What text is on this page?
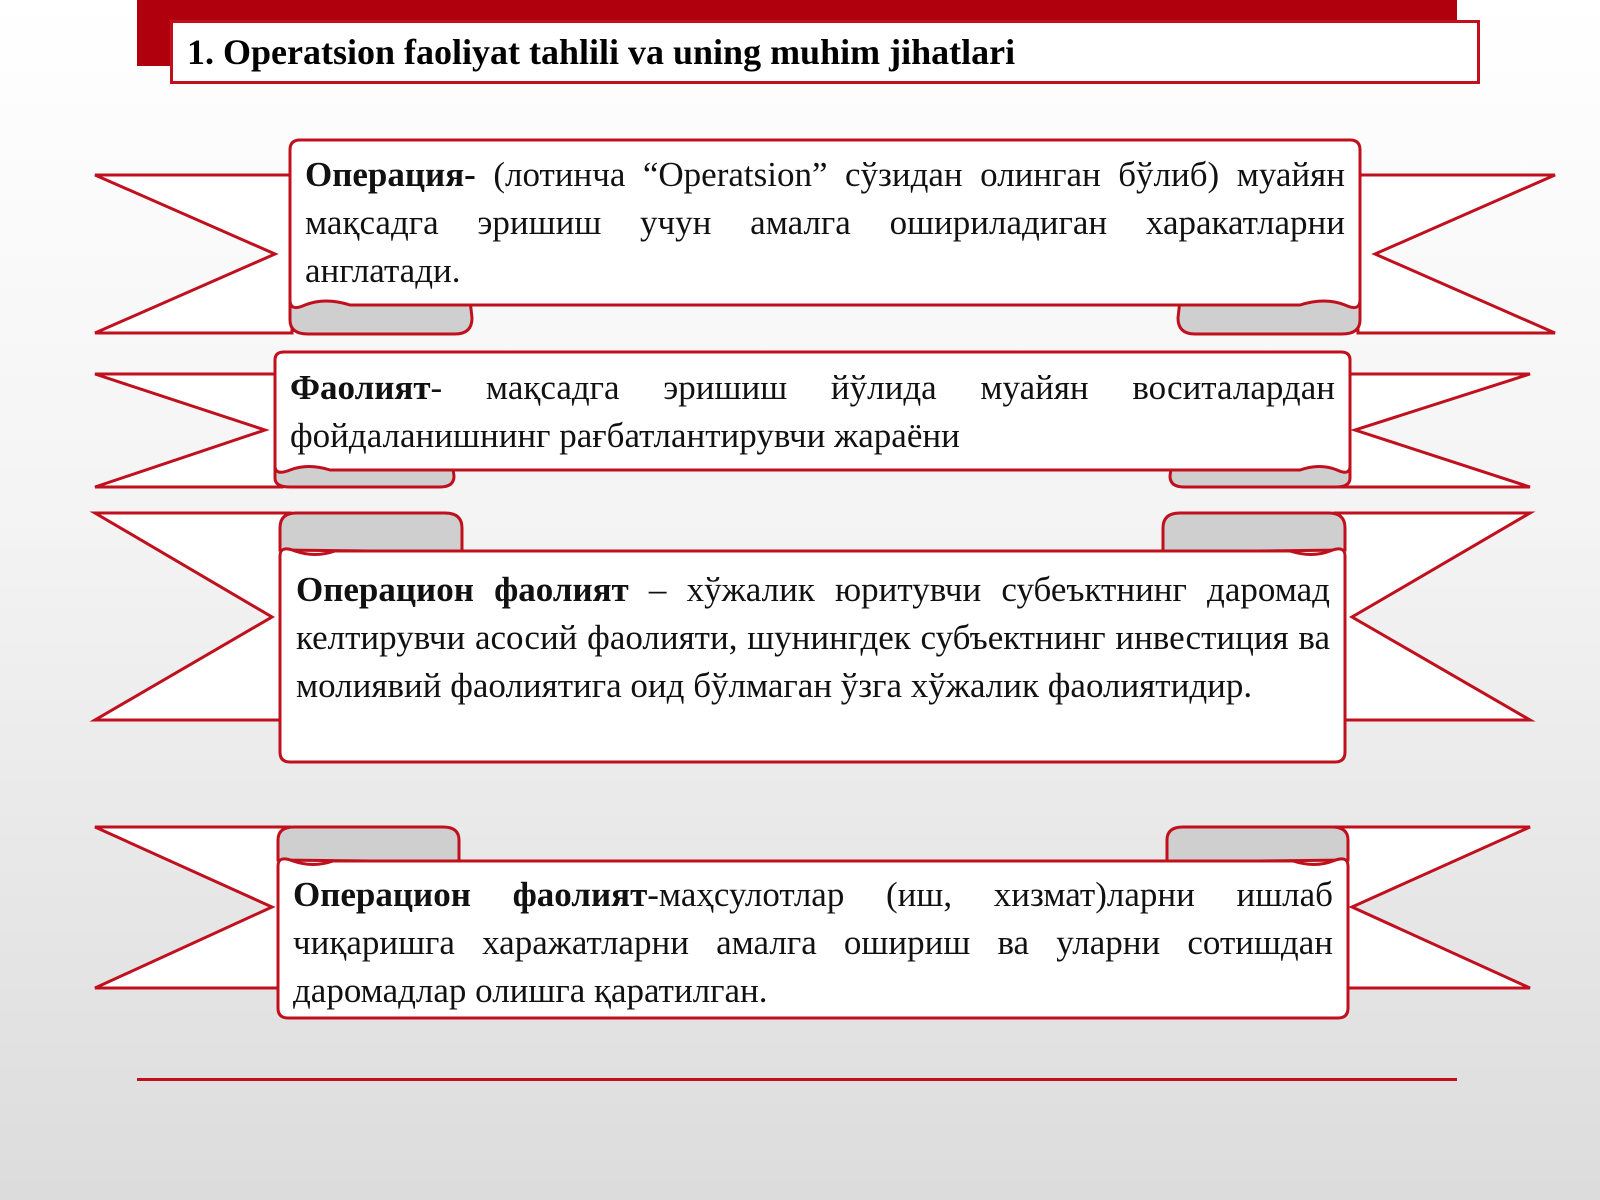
1. Operatsion faoliyat tahlili va uning muhim jihatlari
Операция- (лотинча “Operatsion” сўзидан олинган бўлиб) муайян мақсадга эришиш учун амалга ошириладиган харакатларни англатади.
Фаолият- мақсадга эришиш йўлида муайян воситалардан фойдаланишнинг рағбатлантирувчи жараёни
Операцион фаолият – хўжалик юритувчи субеъктнинг даромад келтирувчи асосий фаолияти, шунингдек субъектнинг инвестиция ва молиявий фаолиятига оид бўлмаган ўзга хўжалик фаолиятидир.
Операцион фаолият-маҳсулотлар (иш, хизмат)ларни ишлаб чиқаришга харажатларни амалга ошириш ва уларни сотишдан даромадлар олишга қаратилган.
